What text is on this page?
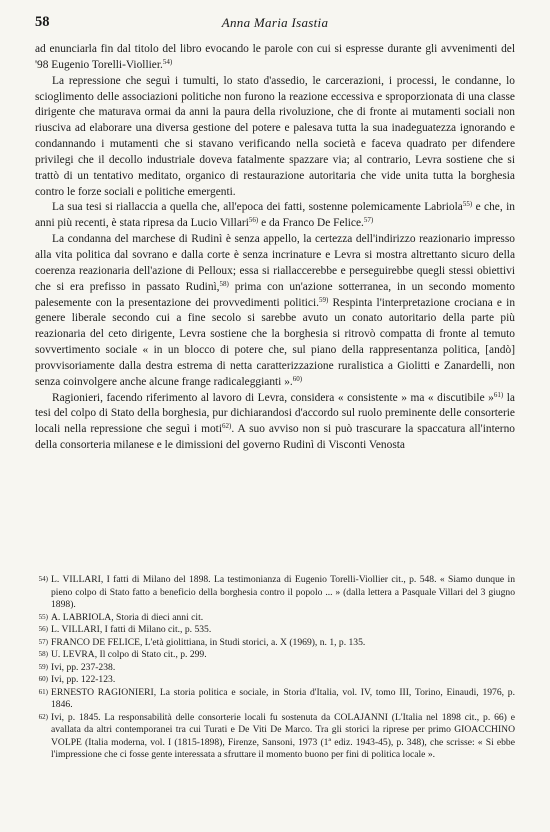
58	Anna Maria Isastia

ad enunciarla fin dal titolo del libro evocando le parole con cui si espresse durante gli avvenimenti del '98 Eugenio Torelli-Viollier.$^{54)}$

La repressione che seguì i tumulti, lo stato d'assedio, le carcerazioni, i processi, le condanne, lo scioglimento delle associazioni politiche non furono la reazione eccessiva e sproporzionata di una classe dirigente che maturava ormai da anni la paura della rivoluzione, che di fronte ai mutamenti sociali non riusciva ad elaborare una diversa gestione del potere e palesava tutta la sua inadeguatezza ignorando e condannando i mutamenti che si stavano verificando nella società e faceva quadrato per difendere privilegi che il decollo industriale doveva fatalmente spazzare via; al contrario, Levra sostiene che si trattò di un tentativo meditato, organico di restaurazione autoritaria che vide unita tutta la borghesia contro le forze sociali e politiche emergenti.

La sua tesi si riallaccia a quella che, all'epoca dei fatti, sostenne polemicamente Labriola$^{55)}$ e che, in anni più recenti, è stata ripresa da Lucio Villari$^{56)}$ e da Franco De Felice.$^{57)}$

La condanna del marchese di Rudinì è senza appello, la certezza dell'indirizzo reazionario impresso alla vita politica dal sovrano e dalla corte è senza incrinature e Levra si mostra altrettanto sicuro della coerenza reazionaria dell'azione di Pelloux; essa si riallaccerebbe e perseguirebbe quegli stessi obiettivi che si era prefisso in passato Rudinì,$^{58)}$ prima con un'azione sotterranea, in un secondo momento palesemente con la presentazione dei provvedimenti politici.$^{59)}$ Respinta l'interpretazione crociana e in genere liberale secondo cui a fine secolo si sarebbe avuto un conato autoritario della parte più reazionaria del ceto dirigente, Levra sostiene che la borghesia si ritrovò compatta di fronte al temuto sovvertimento sociale « in un blocco di potere che, sul piano della rappresentanza politica, [andò] provvisoriamente dalla destra estrema di netta caratterizzazione ruralistica a Giolitti e Zanardelli, non senza coinvolgere anche alcune frange radicaleggianti ».$^{60)}$

Ragionieri, facendo riferimento al lavoro di Levra, considera « consistente » ma « discutibile »$^{61)}$ la tesi del colpo di Stato della borghesia, pur dichiarandosi d'accordo sul ruolo preminente delle consorterie locali nella repressione che seguì i moti$^{62)}$. A suo avviso non si può trascurare la spaccatura all'interno della consorteria milanese e le dimissioni del governo Rudinì di Visconti Venosta

54) L. VILLARI, I fatti di Milano del 1898. La testimonianza di Eugenio Torelli-Viollier cit., p. 548. « Siamo dunque in pieno colpo di Stato fatto a beneficio della borghesia contro il popolo ... » (dalla lettera a Pasquale Villari del 3 giugno 1898).
55) A. LABRIOLA, Storia di dieci anni cit.
56) L. VILLARI, I fatti di Milano cit., p. 535.
57) FRANCO DE FELICE, L'età giolittiana, in Studi storici, a. X (1969), n. 1, p. 135.
58) U. LEVRA, Il colpo di Stato cit., p. 299.
59) Ivi, pp. 237-238.
60) Ivi, pp. 122-123.
61) ERNESTO RAGIONIERI, La storia politica e sociale, in Storia d'Italia, vol. IV, tomo III, Torino, Einaudi, 1976, p. 1846.
62) Ivi, p. 1845. La responsabilità delle consorterie locali fu sostenuta da COLAJANNI (L'Italia nel 1898 cit., p. 66) e avallata da altri contemporanei tra cui Turati e De Viti De Marco. Tra gli storici la riprese per primo GIOACCHINO VOLPE (Italia moderna, vol. I (1815-1898), Firenze, Sansoni, 1973 (1ª ediz. 1943-45), p. 348), che scrisse: « Si ebbe l'impressione che ci fosse gente interessata a sfruttare il momento buono per fini di politica locale ».
